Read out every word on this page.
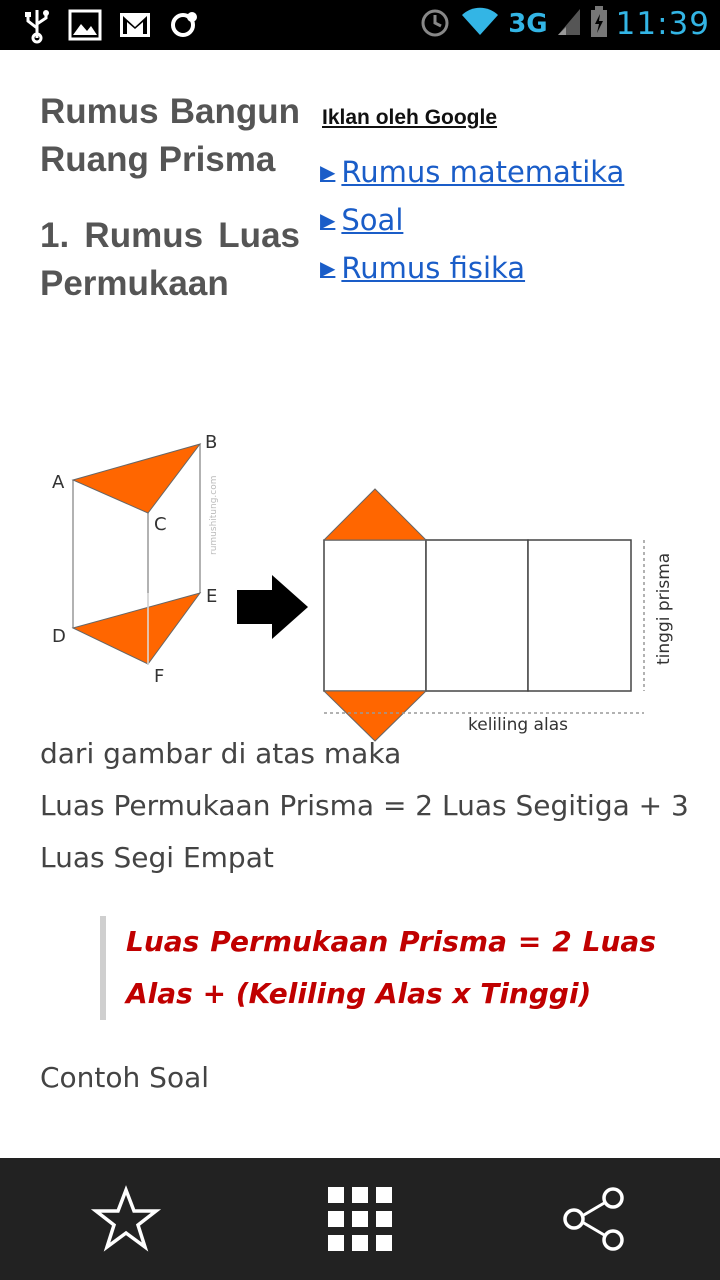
3G 11:39
Rumus Bangun Ruang Prisma
1. Rumus Luas Permukaan
Iklan oleh Google
▶ Rumus matematika
▶ Soal
▶ Rumus fisika
A
B
C
D
E
F
rumushitung.com
tinggi prisma
keliling alas
dari gambar di atas maka
Luas Permukaan Prisma = 2 Luas Segitiga + 3 Luas Segi Empat
Luas Permukaan Prisma = 2 Luas Alas + (Keliling Alas x Tinggi)
Contoh Soal
